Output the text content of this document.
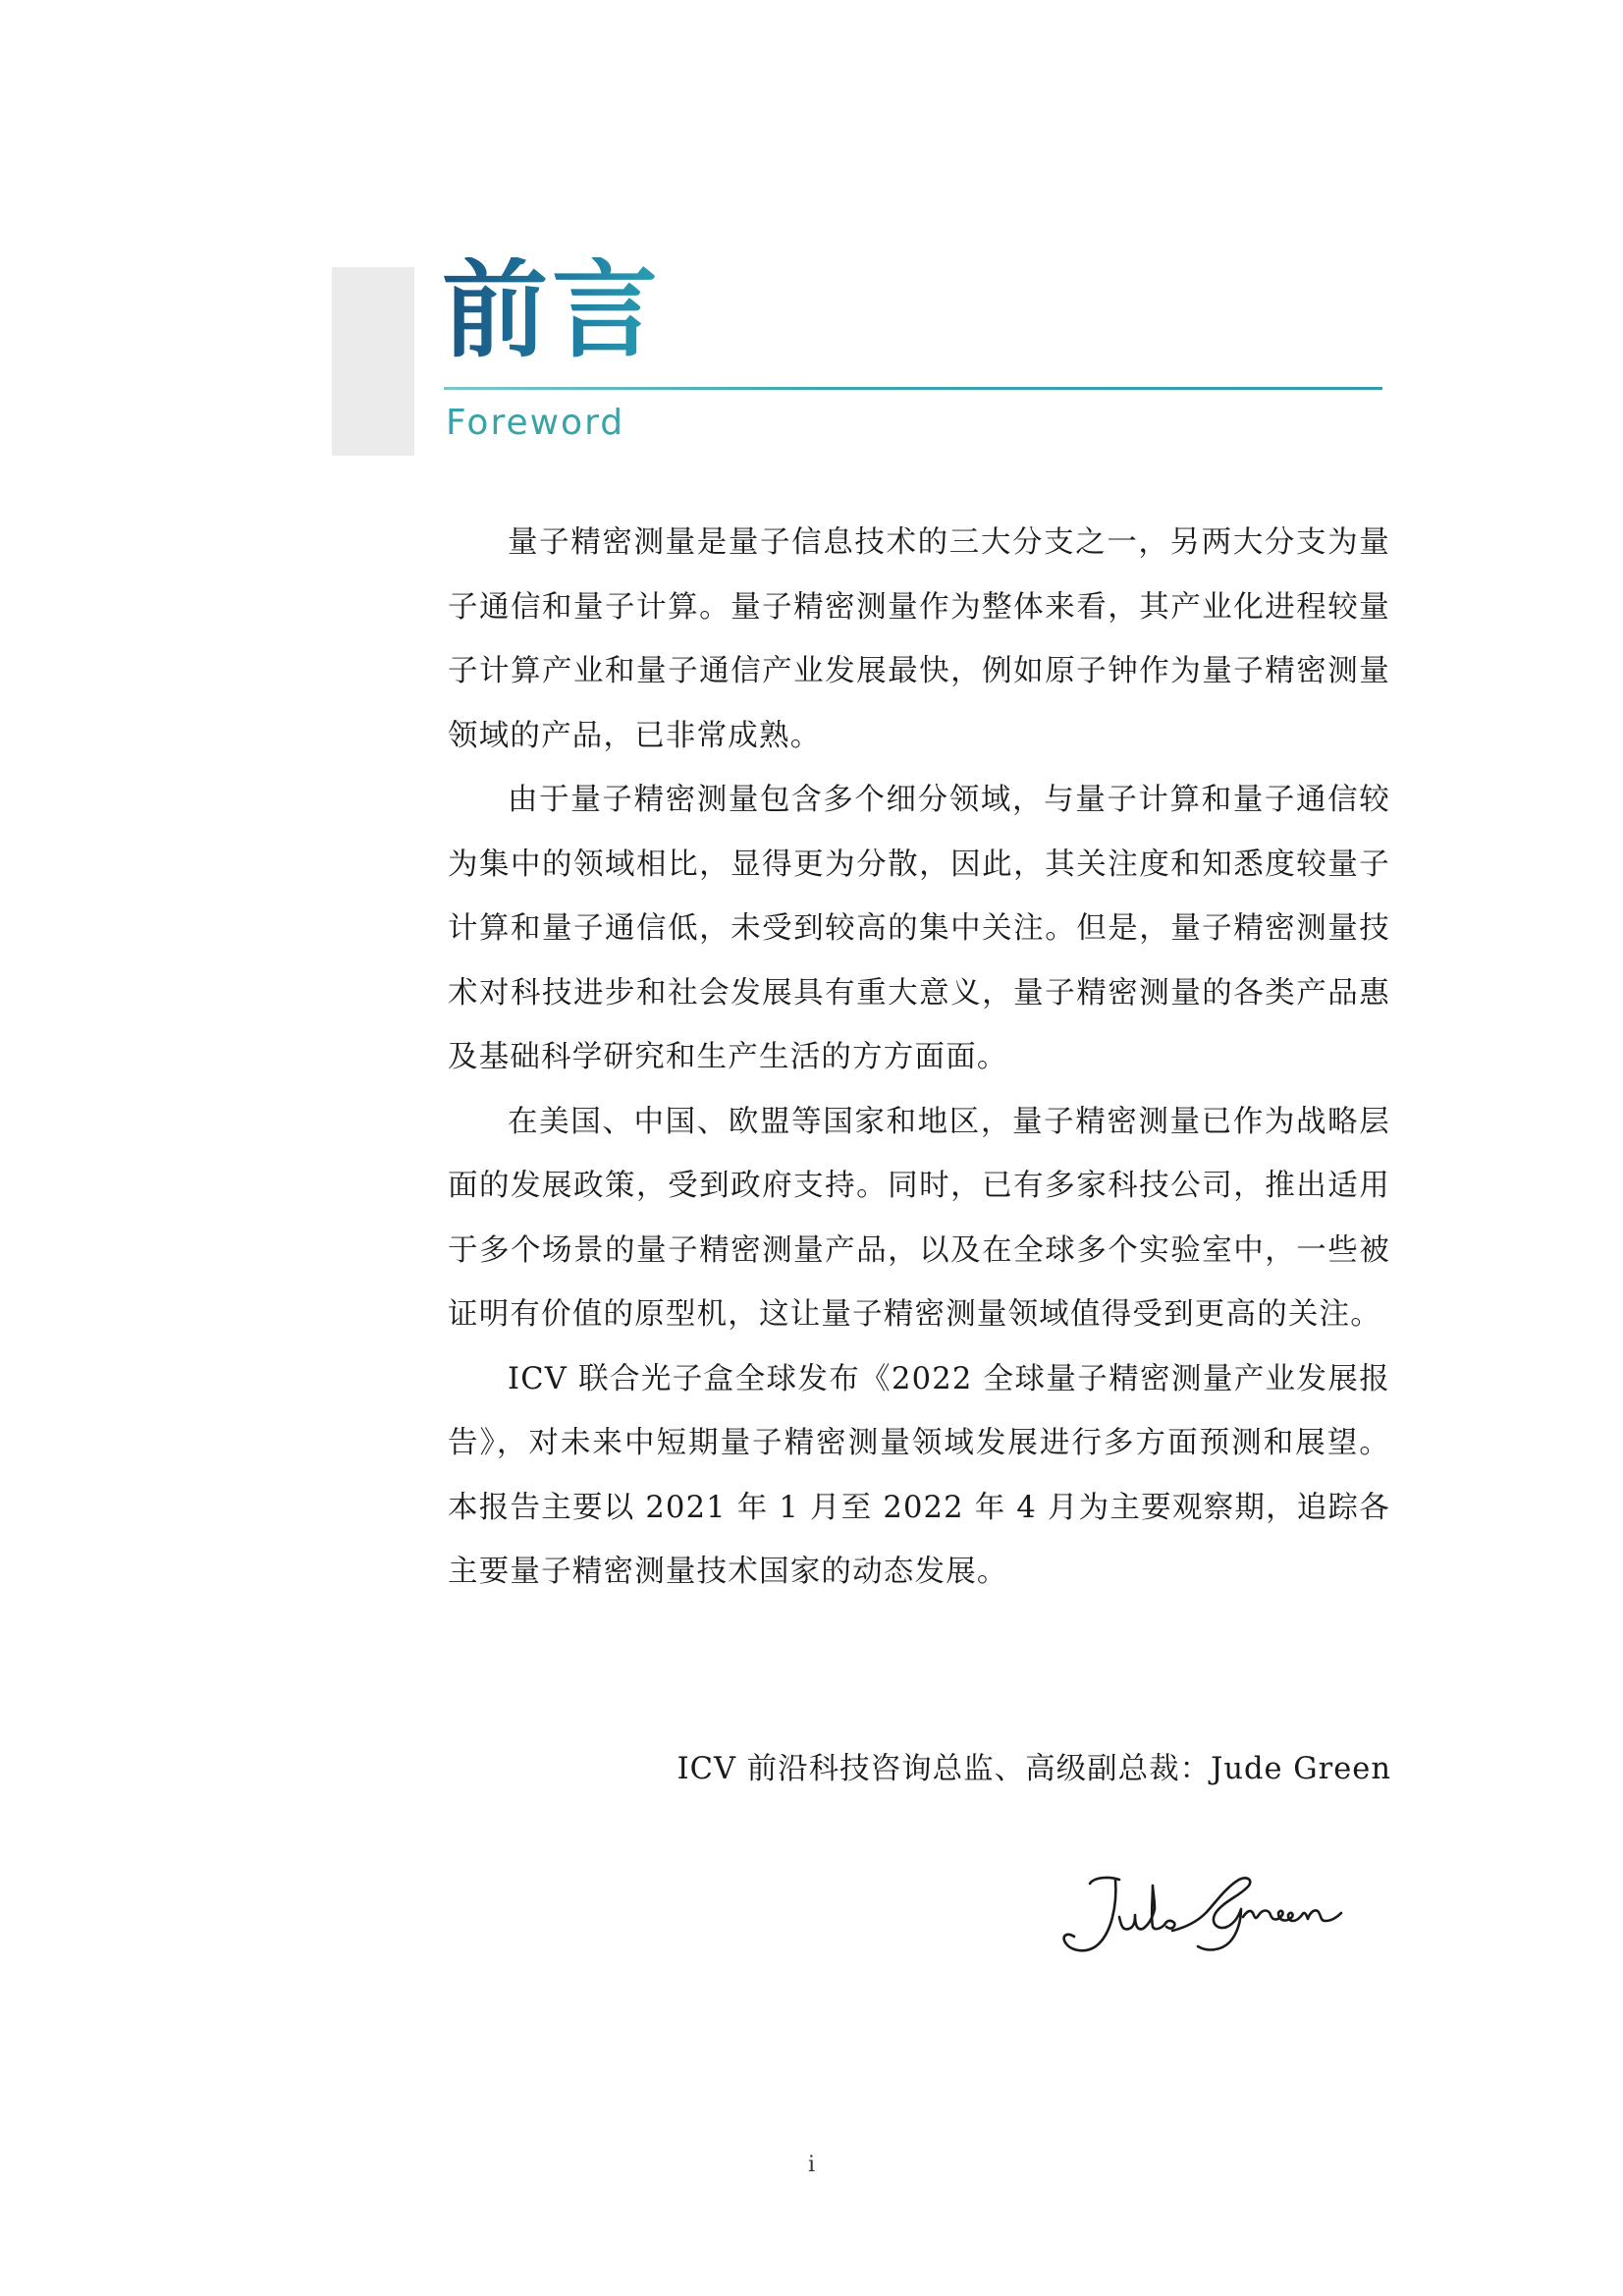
前言
Foreword

量子精密测量是量子信息技术的三大分支之一，另两大分支为量子通信和量子计算。量子精密测量作为整体来看，其产业化进程较量子计算产业和量子通信产业发展最快，例如原子钟作为量子精密测量领域的产品，已非常成熟。

由于量子精密测量包含多个细分领域，与量子计算和量子通信较为集中的领域相比，显得更为分散，因此，其关注度和知悉度较量子计算和量子通信低，未受到较高的集中关注。但是，量子精密测量技术对科技进步和社会发展具有重大意义，量子精密测量的各类产品惠及基础科学研究和生产生活的方方面面。

在美国、中国、欧盟等国家和地区，量子精密测量已作为战略层面的发展政策，受到政府支持。同时，已有多家科技公司，推出适用于多个场景的量子精密测量产品，以及在全球多个实验室中，一些被证明有价值的原型机，这让量子精密测量领域值得受到更高的关注。

ICV 联合光子盒全球发布《2022 全球量子精密测量产业发展报告》，对未来中短期量子精密测量领域发展进行多方面预测和展望。本报告主要以 2021 年 1 月至 2022 年 4 月为主要观察期，追踪各主要量子精密测量技术国家的动态发展。

ICV 前沿科技咨询总监、高级副总裁：Jude Green
i
